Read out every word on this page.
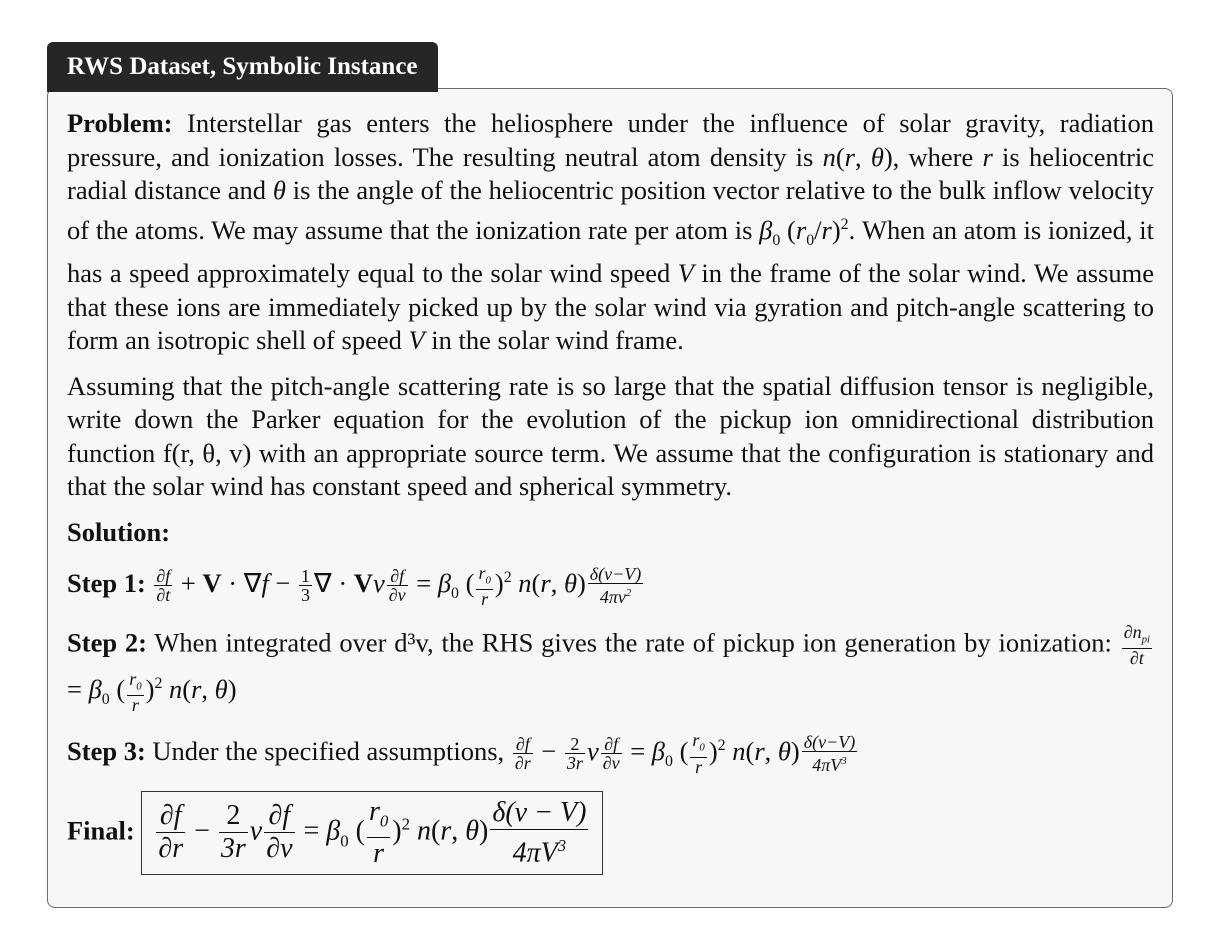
RWS Dataset, Symbolic Instance

Problem: Interstellar gas enters the heliosphere under the influence of solar gravity, radiation pressure, and ionization losses. The resulting neutral atom density is n(r, θ), where r is heliocentric radial distance and θ is the angle of the heliocentric position vector relative to the bulk inflow velocity of the atoms. We may assume that the ionization rate per atom is $\beta_0$ $(r_0/r)^2$. When an atom is ionized, it has a speed approximately equal to the solar wind speed V in the frame of the solar wind. We assume that these ions are immediately picked up by the solar wind via gyration and pitch-angle scattering to form an isotropic shell of speed V in the solar wind frame.

Assuming that the pitch-angle scattering rate is so large that the spatial diffusion tensor is negligible, write down the Parker equation for the evolution of the pickup ion omnidirectional distribution function f(r, θ, v) with an appropriate source term. We assume that the configuration is stationary and that the solar wind has constant speed and spherical symmetry.

Solution:

Step 1: $\frac{\partial f}{\partial t} + V \cdot \nabla f - \frac{1}{3}$ ∇ · Vv $\frac{\partial f}{\partial v} = \beta_0$ ( $\frac{r_0}{r} )^2$ n(r, $\theta) \frac{\delta(v-V)}{4\pi v^2}$
Step 2: When integrated over d³v, the RHS gives the rate of pickup ion generation by ionization: $\frac{\partial n_{pi}}{\partial t}$
= $\beta_0$ ( $\frac{r_0}{r} )^2$ n(r, θ)
Step 3: Under the specified assumptions, $\frac{\partial f}{\partial r} - \frac{2}{3r}$ v $\frac{\partial f}{\partial v} = \beta_0$ ( $\frac{r_0}{r} )^2$ n(r, $\theta) \frac{\delta(v-V)}{4\pi V^3}$
Final: $\frac{\partial f}{\partial r} - \frac{2}{3r}$ v $\frac{\partial f}{\partial v} = \beta_0$ ( $\frac{r_0}{r} )^2$ n(r, $\theta) \frac{\delta(v - V)}{4\pi V^3}$
